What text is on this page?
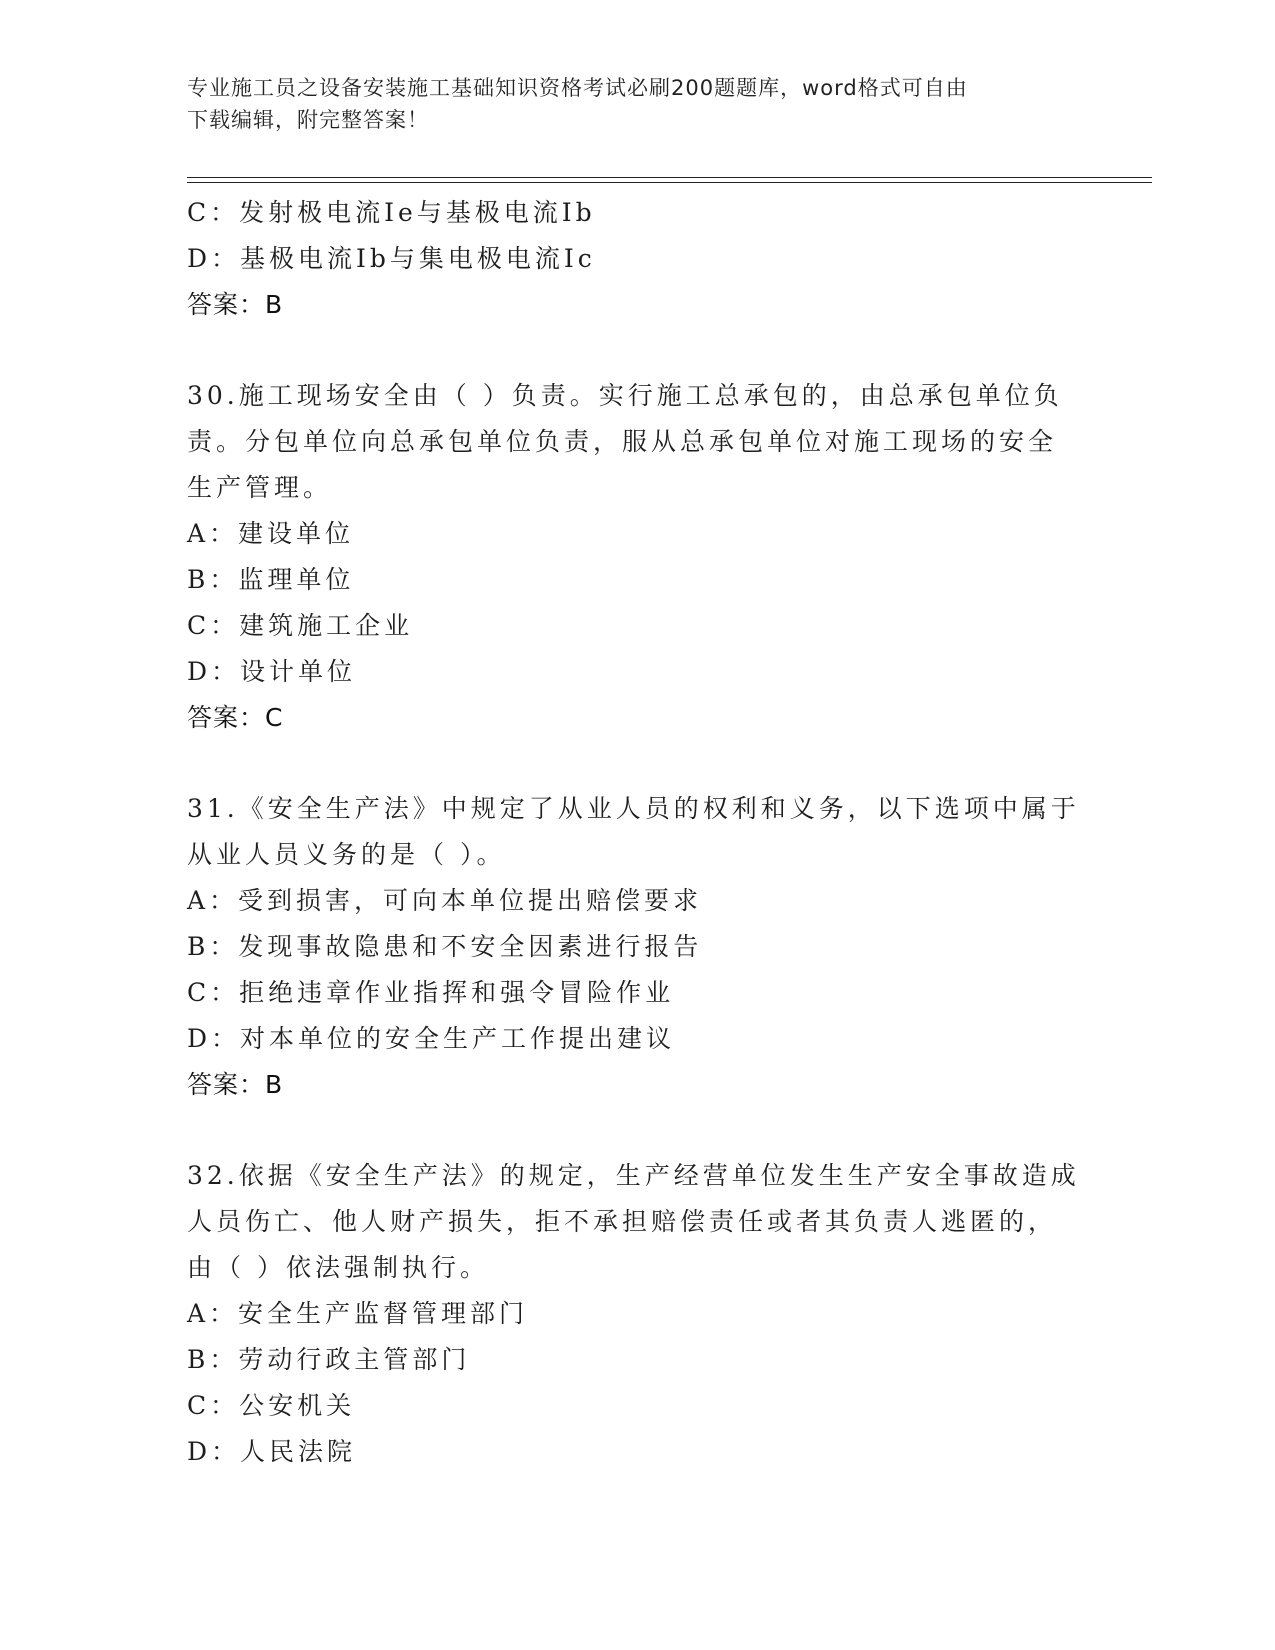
专业施工员之设备安装施工基础知识资格考试必刷200题题库，word格式可自由
下载编辑，附完整答案！
C：发射极电流Ie与基极电流Ib
D：基极电流Ib与集电极电流Ic
答案：B
30.施工现场安全由（ ）负责。实行施工总承包的，由总承包单位负
责。分包单位向总承包单位负责，服从总承包单位对施工现场的安全
生产管理。
A：建设单位
B：监理单位
C：建筑施工企业
D：设计单位
答案：C
31.《安全生产法》中规定了从业人员的权利和义务，以下选项中属于
从业人员义务的是（ ）。
A：受到损害，可向本单位提出赔偿要求
B：发现事故隐患和不安全因素进行报告
C：拒绝违章作业指挥和强令冒险作业
D：对本单位的安全生产工作提出建议
答案：B
32.依据《安全生产法》的规定，生产经营单位发生生产安全事故造成
人员伤亡、他人财产损失，拒不承担赔偿责任或者其负责人逃匿的，
由（ ）依法强制执行。
A：安全生产监督管理部门
B：劳动行政主管部门
C：公安机关
D：人民法院
